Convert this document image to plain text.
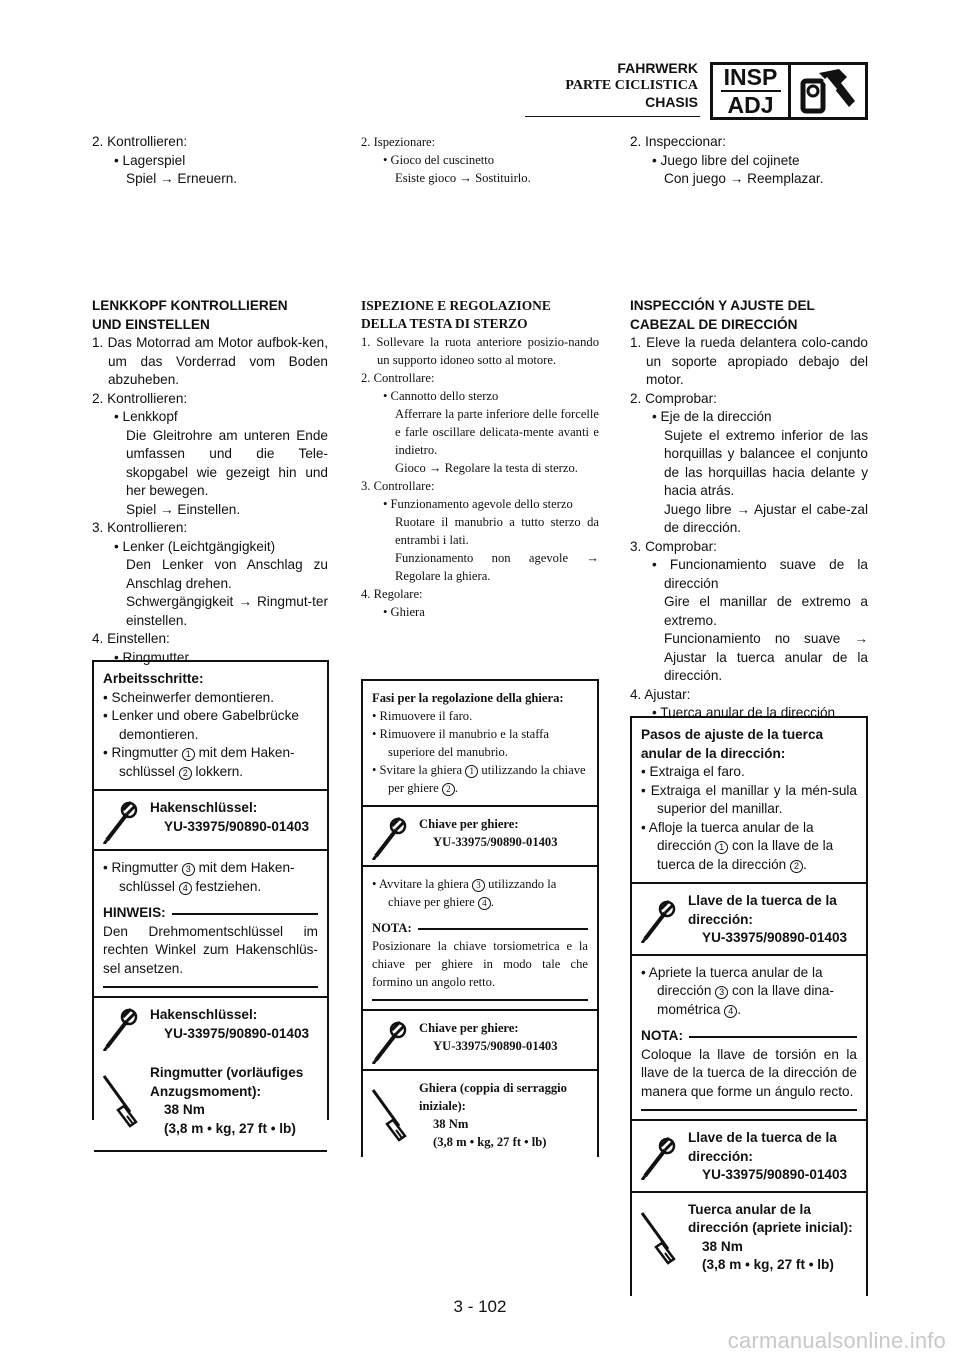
FAHRWERK
PARTE CICLISTICA
CHASIS
INSP
ADJ
2. Kontrollieren:
• Lagerspiel
Spiel → Erneuern.
LENKKOPF KONTROLLIEREN
UND EINSTELLEN
1. Das Motorrad am Motor aufbok-ken, um das Vorderrad vom Boden abzuheben.
2. Kontrollieren:
• Lenkkopf
Die Gleitrohre am unteren Ende umfassen und die Tele-skopgabel wie gezeigt hin und her bewegen.
Spiel → Einstellen.
3. Kontrollieren:
• Lenker (Leichtgängigkeit)
Den Lenker von Anschlag zu Anschlag drehen.
Schwergängigkeit → Ringmut-ter einstellen.
4. Einstellen:
• Ringmutter
Arbeitsschritte:
• Scheinwerfer demontieren.
• Lenker und obere Gabelbrücke demontieren.
• Ringmutter 1 mit dem Haken-schlüssel 2 lokkern.
Hakenschlüssel:
YU-33975/90890-01403
• Ringmutter 3 mit dem Haken-schlüssel 4 festziehen.
HINWEIS:
Den Drehmomentschlüssel im rechten Winkel zum Hakenschlüs-sel ansetzen.
Hakenschlüssel:
YU-33975/90890-01403
Ringmutter (vorläufiges Anzugsmoment):
38 Nm
(3,8 m • kg, 27 ft • lb)
2. Ispezionare:
• Gioco del cuscinetto
Esiste gioco → Sostituirlo.
ISPEZIONE E REGOLAZIONE
DELLA TESTA DI STERZO
1. Sollevare la ruota anteriore posizio-nando un supporto idoneo sotto al motore.
2. Controllare:
• Cannotto dello sterzo
Afferrare la parte inferiore delle forcelle e farle oscillare delicata-mente avanti e indietro.
Gioco → Regolare la testa di sterzo.
3. Controllare:
• Funzionamento agevole dello sterzo
Ruotare il manubrio a tutto sterzo da entrambi i lati.
Funzionamento non agevole → Regolare la ghiera.
4. Regolare:
• Ghiera
Fasi per la regolazione della ghiera:
• Rimuovere il faro.
• Rimuovere il manubrio e la staffa superiore del manubrio.
• Svitare la ghiera 1 utilizzando la chiave per ghiere 2 .
Chiave per ghiere:
YU-33975/90890-01403
• Avvitare la ghiera 3 utilizzando la chiave per ghiere 4 .
NOTA:
Posizionare la chiave torsiometrica e la chiave per ghiere in modo tale che formino un angolo retto.
Chiave per ghiere:
YU-33975/90890-01403
Ghiera (coppia di serraggio iniziale):
38 Nm
(3,8 m • kg, 27 ft • lb)
2. Inspeccionar:
• Juego libre del cojinete
Con juego → Reemplazar.
INSPECCIÓN Y AJUSTE DEL
CABEZAL DE DIRECCIÓN
1. Eleve la rueda delantera colo-cando un soporte apropiado debajo del motor.
2. Comprobar:
• Eje de la dirección
Sujete el extremo inferior de las horquillas y balancee el conjunto de las horquillas hacia delante y hacia atrás.
Juego libre → Ajustar el cabe-zal de dirección.
3. Comprobar:
• Funcionamiento suave de la dirección
Gire el manillar de extremo a extremo.
Funcionamiento no suave → Ajustar la tuerca anular de la dirección.
4. Ajustar:
• Tuerca anular de la dirección
Pasos de ajuste de la tuerca anular de la dirección:
• Extraiga el faro.
• Extraiga el manillar y la mén-sula superior del manillar.
• Afloje la tuerca anular de la dirección 1 con la llave de la tuerca de la dirección 2 .
Llave de la tuerca de la dirección:
YU-33975/90890-01403
• Apriete la tuerca anular de la dirección 3 con la llave dina-mométrica 4 .
NOTA:
Coloque la llave de torsión en la llave de la tuerca de la dirección de manera que forme un ángulo recto.
Llave de la tuerca de la dirección:
YU-33975/90890-01403
Tuerca anular de la dirección (apriete inicial):
38 Nm
(3,8 m • kg, 27 ft • lb)
3 - 102
carmanualsonline.info
